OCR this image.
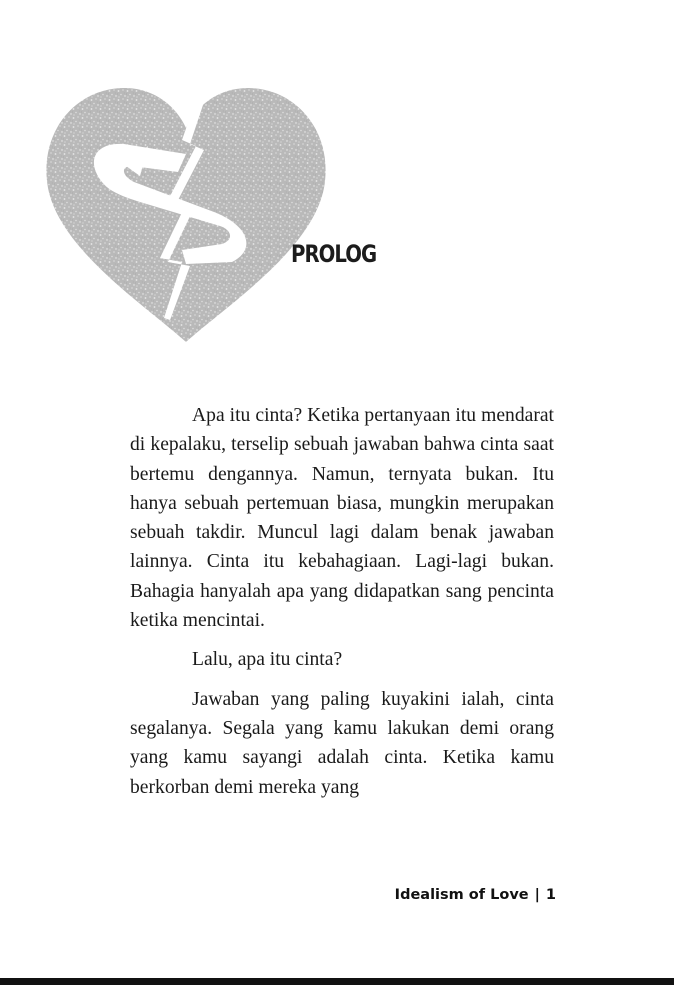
PROLOG

Apa itu cinta? Ketika pertanyaan itu mendarat di kepalaku, terselip sebuah jawaban bahwa cinta saat bertemu dengannya. Namun, ternyata bukan. Itu hanya sebuah pertemuan biasa, mungkin merupakan sebuah takdir. Muncul lagi dalam benak jawaban lainnya. Cinta itu kebahagiaan. Lagi-lagi bukan. Bahagia hanyalah apa yang didapatkan sang pencinta ketika mencintai.

Lalu, apa itu cinta?

Jawaban yang paling kuyakini ialah, cinta segalanya. Segala yang kamu lakukan demi orang yang kamu sayangi adalah cinta. Ketika kamu berkorban demi mereka yang

Idealism of Love | 1
